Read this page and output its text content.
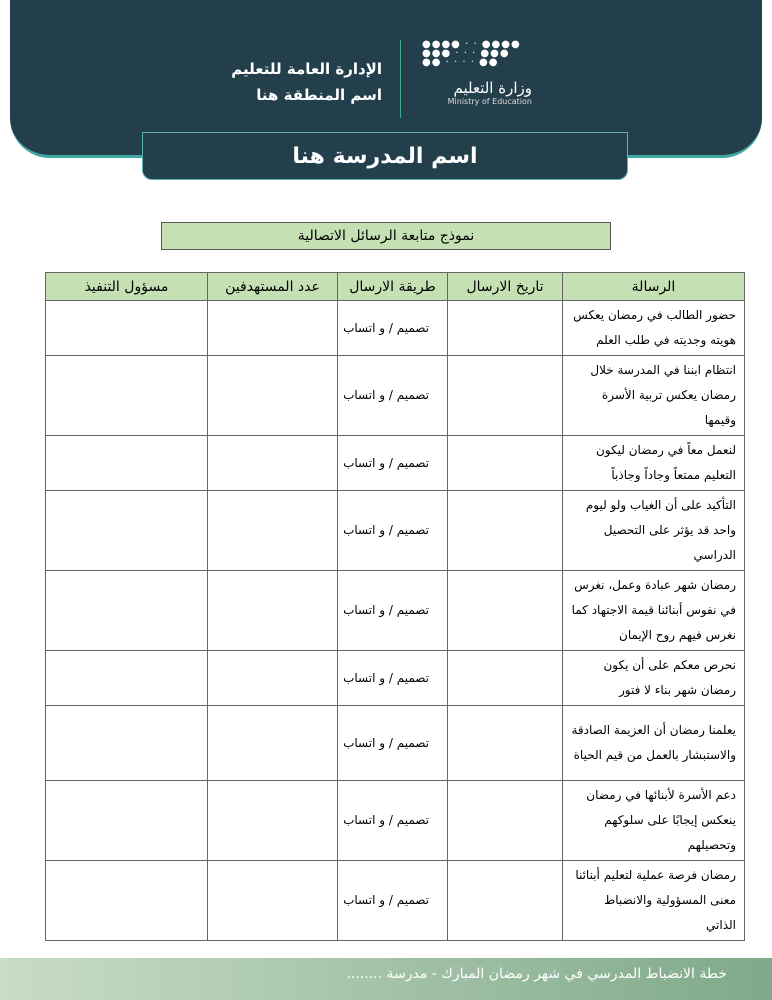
الإدارة العامة للتعليم
اسم المنطقة هنا
●●●● · · ●●●●
●●● · · · ●●●
●● · · · · ●●
وزارة التعليم
Ministry of Education
اسم المدرسة هنا
نموذج متابعة الرسائل الاتصالية
الرسالة	تاريخ الارسال	طريقة الارسال	عدد المستهدفين	مسؤول التنفيذ
حضور الطالب في رمضان يعكس هويته وجديته في طلب العلم		تصميم / و اتساب		
انتظام ابننا في المدرسة خلال رمضان يعكس تربية الأسرة وقيمها		تصميم / و اتساب		
لنعمل معاً في رمضان ليكون التعليم ممتعاً وجاداً وجاذباً		تصميم / و اتساب		
التأكيد على أن الغياب ولو ليوم واحد قد يؤثر على التحصيل الدراسي		تصميم / و اتساب		
رمضان شهر عبادة وعمل، نغرس في نفوس أبنائنا قيمة الاجتهاد كما نغرس فيهم روح الإيمان		تصميم / و اتساب		
نحرص معكم على أن يكون رمضان شهر بناء لا فتور		تصميم / و اتساب		
يعلمنا رمضان أن العزيمة الصادقة والاستبشار بالعمل من قيم الحياة		تصميم / و اتساب		
دعم الأسرة لأبنائها في رمضان ينعكس إيجابًا على سلوكهم وتحصيلهم		تصميم / و اتساب		
رمضان فرصة عملية لتعليم أبنائنا معنى المسؤولية والانضباط الذاتي		تصميم / و اتساب		
خطة الانضباط المدرسي في شهر رمضان المبارك - مدرسة ........
